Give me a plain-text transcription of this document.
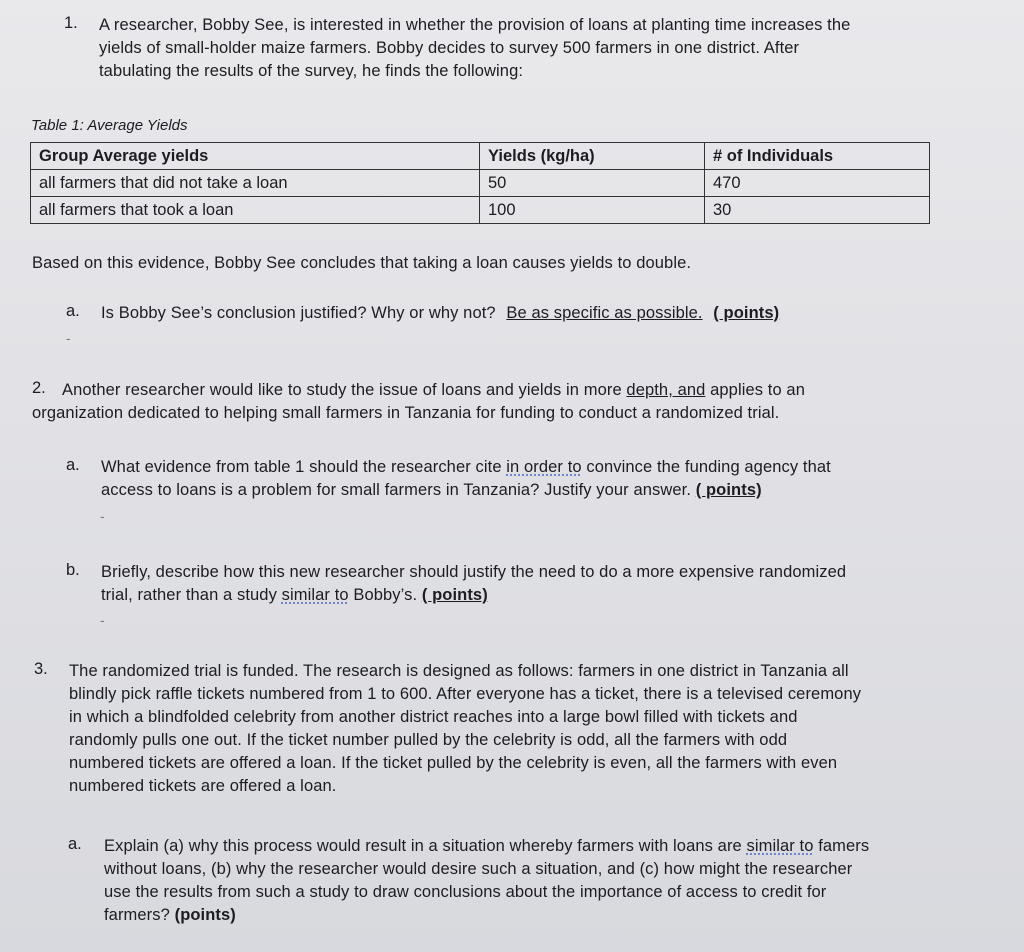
1. A researcher, Bobby See, is interested in whether the provision of loans at planting time increases the
yields of small-holder maize farmers. Bobby decides to survey 500 farmers in one district. After
tabulating the results of the survey, he finds the following:
Table 1: Average Yields
Group Average yields	Yields (kg/ha)	# of Individuals
all farmers that did not take a loan	50	470
all farmers that took a loan	100	30
Based on this evidence, Bobby See concludes that taking a loan causes yields to double.
a. Is Bobby See’s conclusion justified? Why or why not? Be as specific as possible. ( points)
-
2. Another researcher would like to study the issue of loans and yields in more depth, and applies to an
organization dedicated to helping small farmers in Tanzania for funding to conduct a randomized trial.
a. What evidence from table 1 should the researcher cite in order to convince the funding agency that
access to loans is a problem for small farmers in Tanzania? Justify your answer. ( points)
-
b. Briefly, describe how this new researcher should justify the need to do a more expensive randomized
trial, rather than a study similar to Bobby’s. ( points)
-
3. The randomized trial is funded. The research is designed as follows: farmers in one district in Tanzania all
blindly pick raffle tickets numbered from 1 to 600. After everyone has a ticket, there is a televised ceremony
in which a blindfolded celebrity from another district reaches into a large bowl filled with tickets and
randomly pulls one out. If the ticket number pulled by the celebrity is odd, all the farmers with odd
numbered tickets are offered a loan. If the ticket pulled by the celebrity is even, all the farmers with even
numbered tickets are offered a loan.
a. Explain (a) why this process would result in a situation whereby farmers with loans are similar to famers
without loans, (b) why the researcher would desire such a situation, and (c) how might the researcher
use the results from such a study to draw conclusions about the importance of access to credit for
farmers? (points)
